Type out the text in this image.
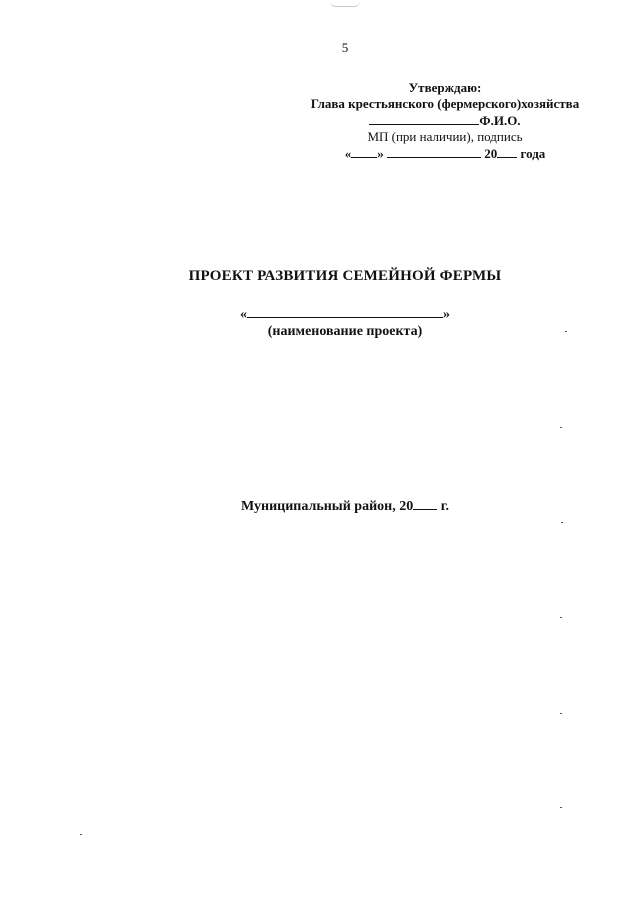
5
Утверждаю:
Глава крестьянского (фермерского)хозяйства
Ф.И.О.
МП (при наличии), подпись
« »	20 года
ПРОЕКТ РАЗВИТИЯ СЕМЕЙНОЙ ФЕРМЫ
«	»
(наименование проекта)
Муниципальный район, 20 г.
